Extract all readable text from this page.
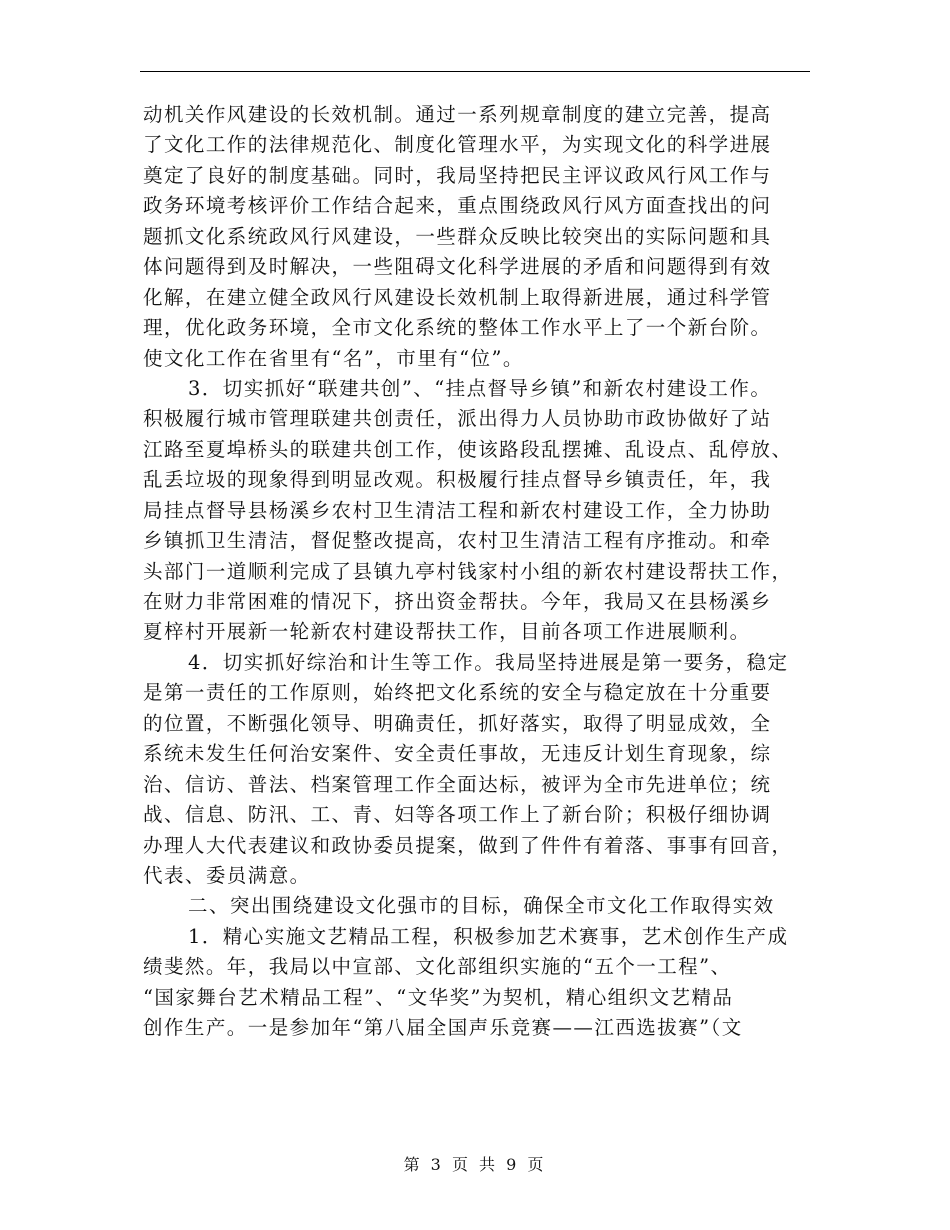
动机关作风建设的长效机制。通过一系列规章制度的建立完善，提高
了文化工作的法律规范化、制度化管理水平，为实现文化的科学进展
奠定了良好的制度基础。同时，我局坚持把民主评议政风行风工作与
政务环境考核评价工作结合起来，重点围绕政风行风方面查找出的问
题抓文化系统政风行风建设，一些群众反映比较突出的实际问题和具
体问题得到及时解决，一些阻碍文化科学进展的矛盾和问题得到有效
化解，在建立健全政风行风建设长效机制上取得新进展，通过科学管
理，优化政务环境，全市文化系统的整体工作水平上了一个新台阶。
使文化工作在省里有“名”，市里有“位”。
3．切实抓好“联建共创”、“挂点督导乡镇”和新农村建设工作。
积极履行城市管理联建共创责任，派出得力人员协助市政协做好了站
江路至夏埠桥头的联建共创工作，使该路段乱摆摊、乱设点、乱停放、
乱丢垃圾的现象得到明显改观。积极履行挂点督导乡镇责任，年，我
局挂点督导县杨溪乡农村卫生清洁工程和新农村建设工作，全力协助
乡镇抓卫生清洁，督促整改提高，农村卫生清洁工程有序推动。和牵
头部门一道顺利完成了县镇九亭村钱家村小组的新农村建设帮扶工作，
在财力非常困难的情况下，挤出资金帮扶。今年，我局又在县杨溪乡
夏梓村开展新一轮新农村建设帮扶工作，目前各项工作进展顺利。
4．切实抓好综治和计生等工作。我局坚持进展是第一要务，稳定
是第一责任的工作原则，始终把文化系统的安全与稳定放在十分重要
的位置，不断强化领导、明确责任，抓好落实，取得了明显成效，全
系统未发生任何治安案件、安全责任事故，无违反计划生育现象，综
治、信访、普法、档案管理工作全面达标，被评为全市先进单位；统
战、信息、防汛、工、青、妇等各项工作上了新台阶；积极仔细协调
办理人大代表建议和政协委员提案，做到了件件有着落、事事有回音，
代表、委员满意。
二、突出围绕建设文化强市的目标，确保全市文化工作取得实效
1．精心实施文艺精品工程，积极参加艺术赛事，艺术创作生产成
绩斐然。年，我局以中宣部、文化部组织实施的“五个一工程”、
“国家舞台艺术精品工程”、“文华奖”为契机，精心组织文艺精品
创作生产。一是参加年“第八届全国声乐竞赛——江西选拔赛”（文
第 3 页 共 9 页
